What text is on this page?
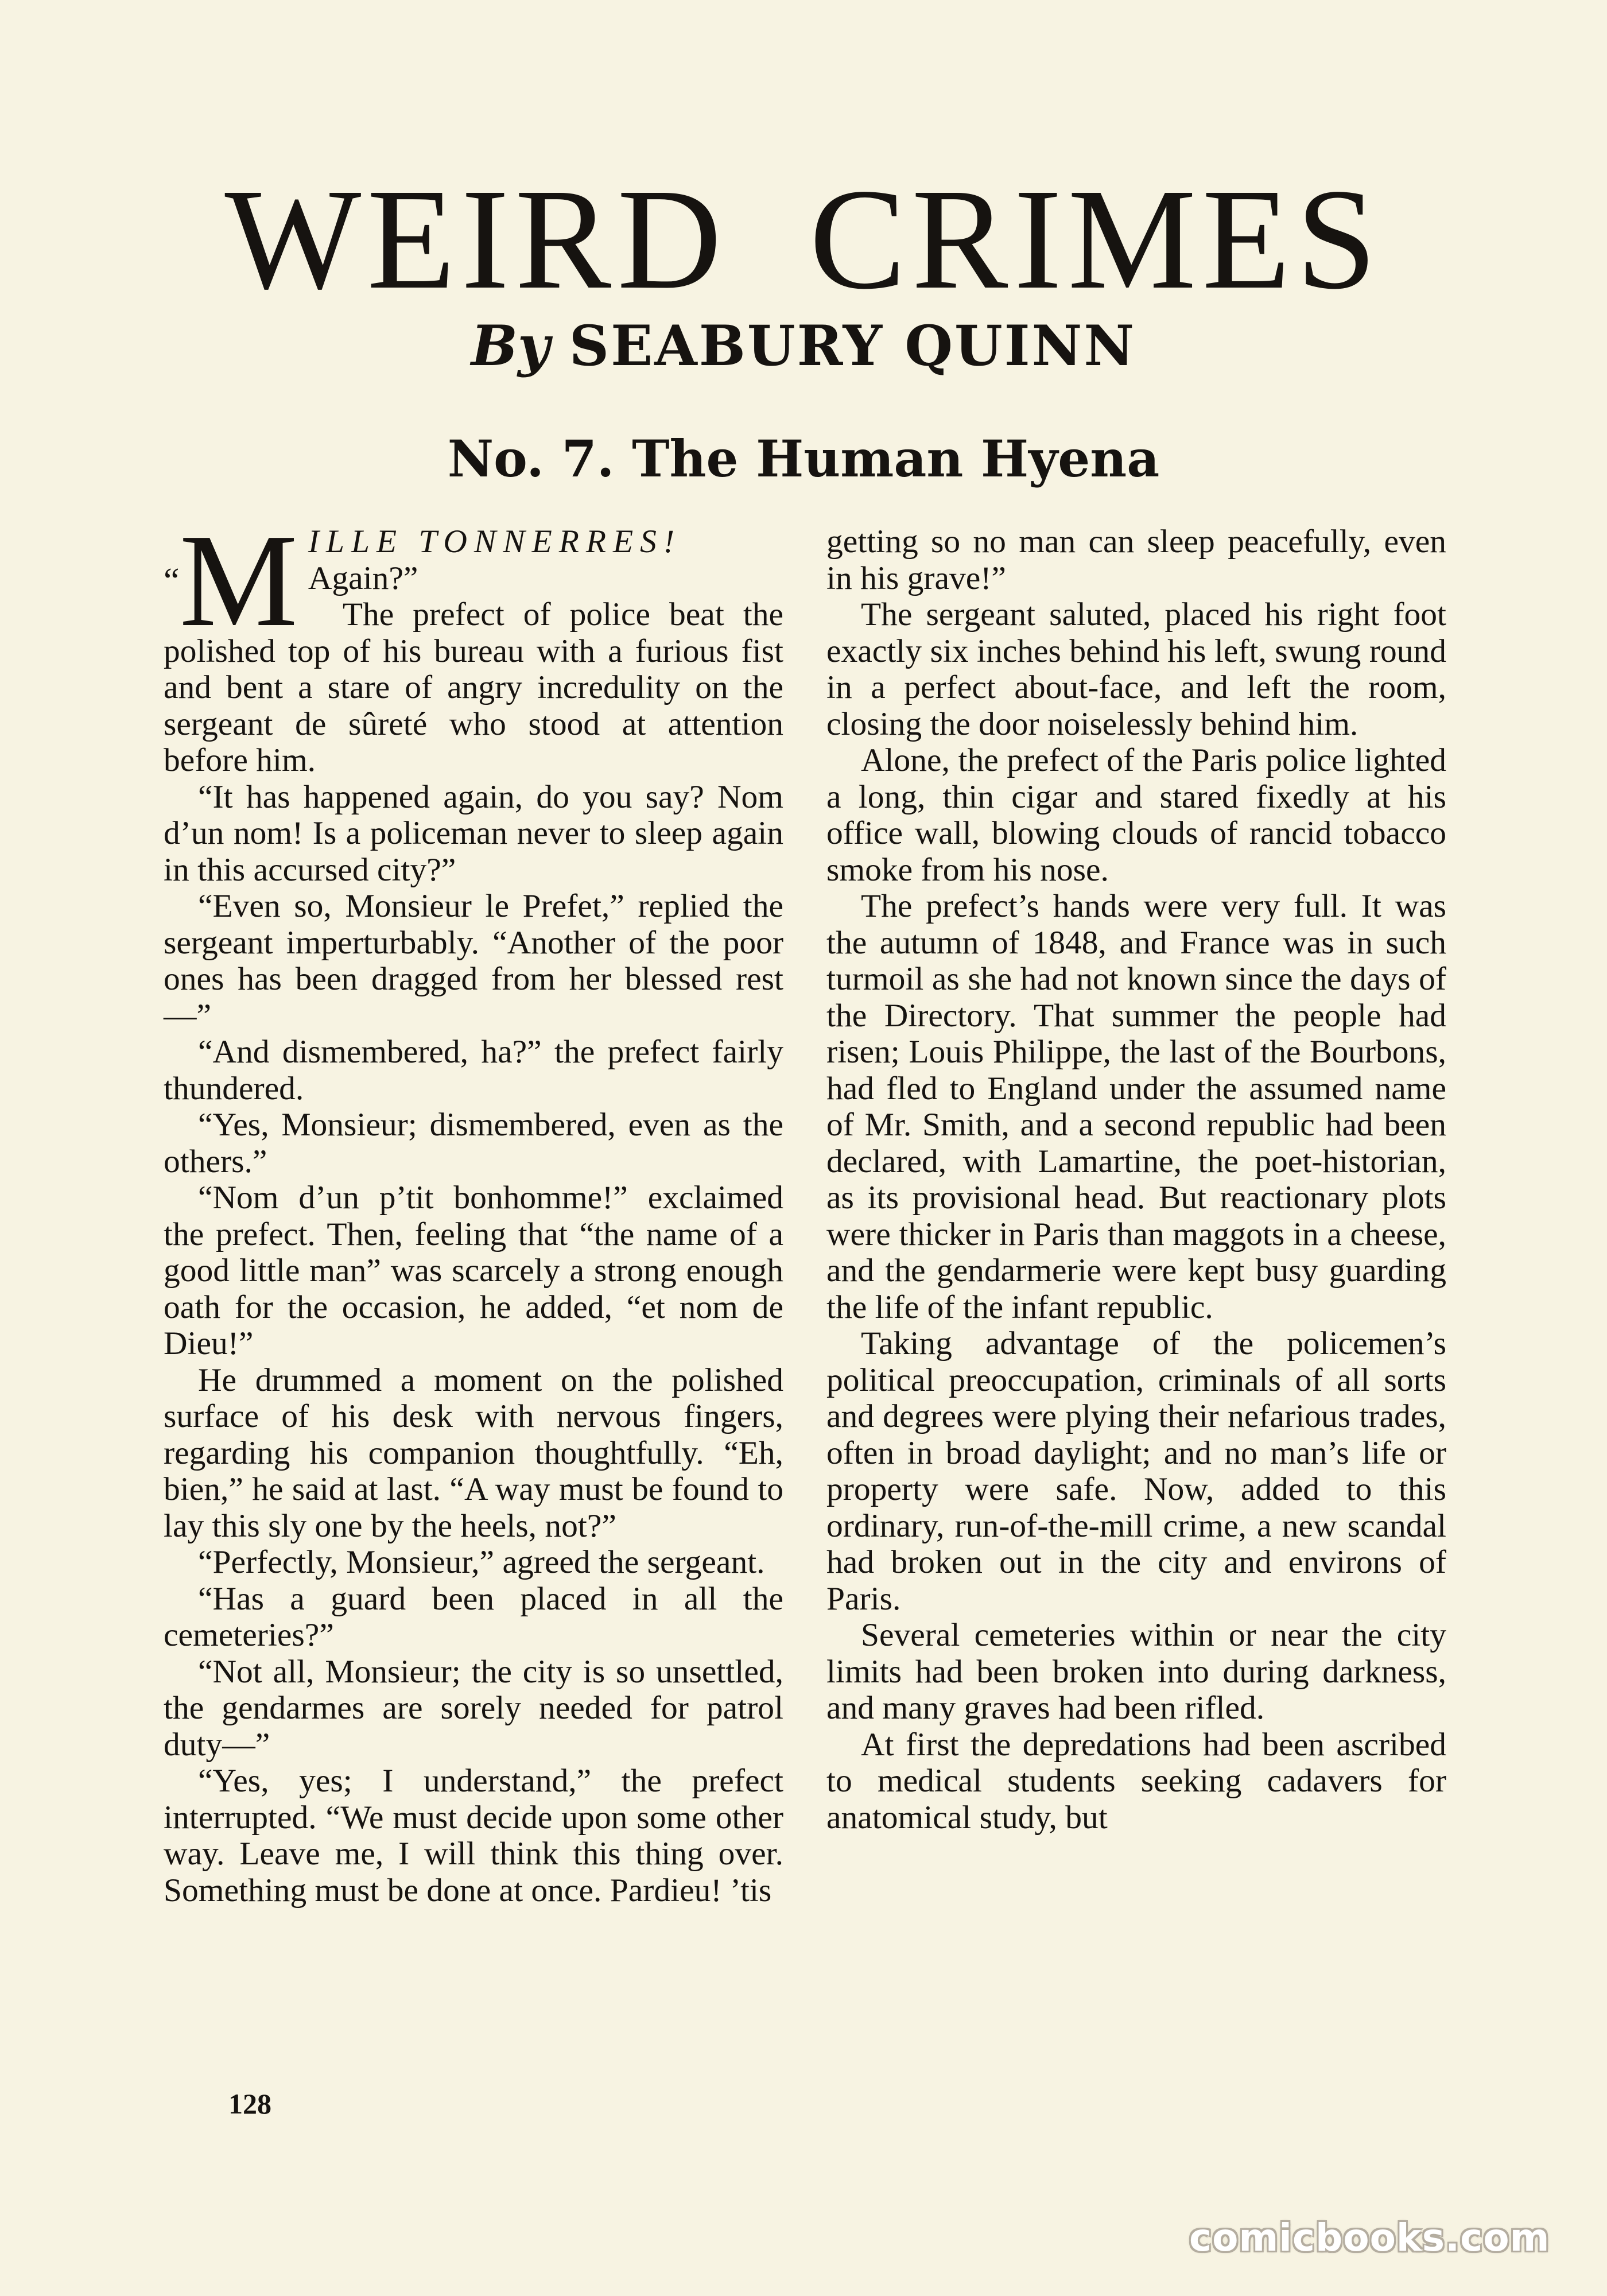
WEIRD CRIMES
By SEABURY QUINN
No. 7. The Human Hyena

“M ILLE TONNERRES!
Again?”
The prefect of police beat the polished top of his bureau with a furious fist and bent a stare of angry incredulity on the sergeant de sûreté who stood at attention before him.

“It has happened again, do you say? Nom d’un nom! Is a policeman never to sleep again in this accursed city?”

“Even so, Monsieur le Prefet,” replied the sergeant imperturbably. “Another of the poor ones has been dragged from her blessed rest—”

“And dismembered, ha?” the prefect fairly thundered.

“Yes, Monsieur; dismembered, even as the others.”

“Nom d’un p’tit bonhomme!” exclaimed the prefect. Then, feeling that “the name of a good little man” was scarcely a strong enough oath for the occasion, he added, “et nom de Dieu!”

He drummed a moment on the polished surface of his desk with nervous fingers, regarding his companion thoughtfully. “Eh, bien,” he said at last. “A way must be found to lay this sly one by the heels, not?”

“Perfectly, Monsieur,” agreed the sergeant.

“Has a guard been placed in all the cemeteries?”

“Not all, Monsieur; the city is so unsettled, the gendarmes are sorely needed for patrol duty—”

“Yes, yes; I understand,” the prefect interrupted. “We must decide upon some other way. Leave me, I will think this thing over. Something must be done at once. Pardieu! ’tis

getting so no man can sleep peacefully, even in his grave!”

The sergeant saluted, placed his right foot exactly six inches behind his left, swung round in a perfect about-face, and left the room, closing the door noiselessly behind him.

Alone, the prefect of the Paris police lighted a long, thin cigar and stared fixedly at his office wall, blowing clouds of rancid tobacco smoke from his nose.

The prefect’s hands were very full. It was the autumn of 1848, and France was in such turmoil as she had not known since the days of the Directory. That summer the people had risen; Louis Philippe, the last of the Bourbons, had fled to England under the assumed name of Mr. Smith, and a second republic had been declared, with Lamartine, the poet-historian, as its provisional head. But reactionary plots were thicker in Paris than maggots in a cheese, and the gendarmerie were kept busy guarding the life of the infant republic.

Taking advantage of the policemen’s political preoccupation, criminals of all sorts and degrees were plying their nefarious trades, often in broad daylight; and no man’s life or property were safe. Now, added to this ordinary, run-of-the-mill crime, a new scandal had broken out in the city and environs of Paris.

Several cemeteries within or near the city limits had been broken into during darkness, and many graves had been rifled.

At first the depredations had been ascribed to medical students seeking cadavers for anatomical study, but

128
comicbooks.com
